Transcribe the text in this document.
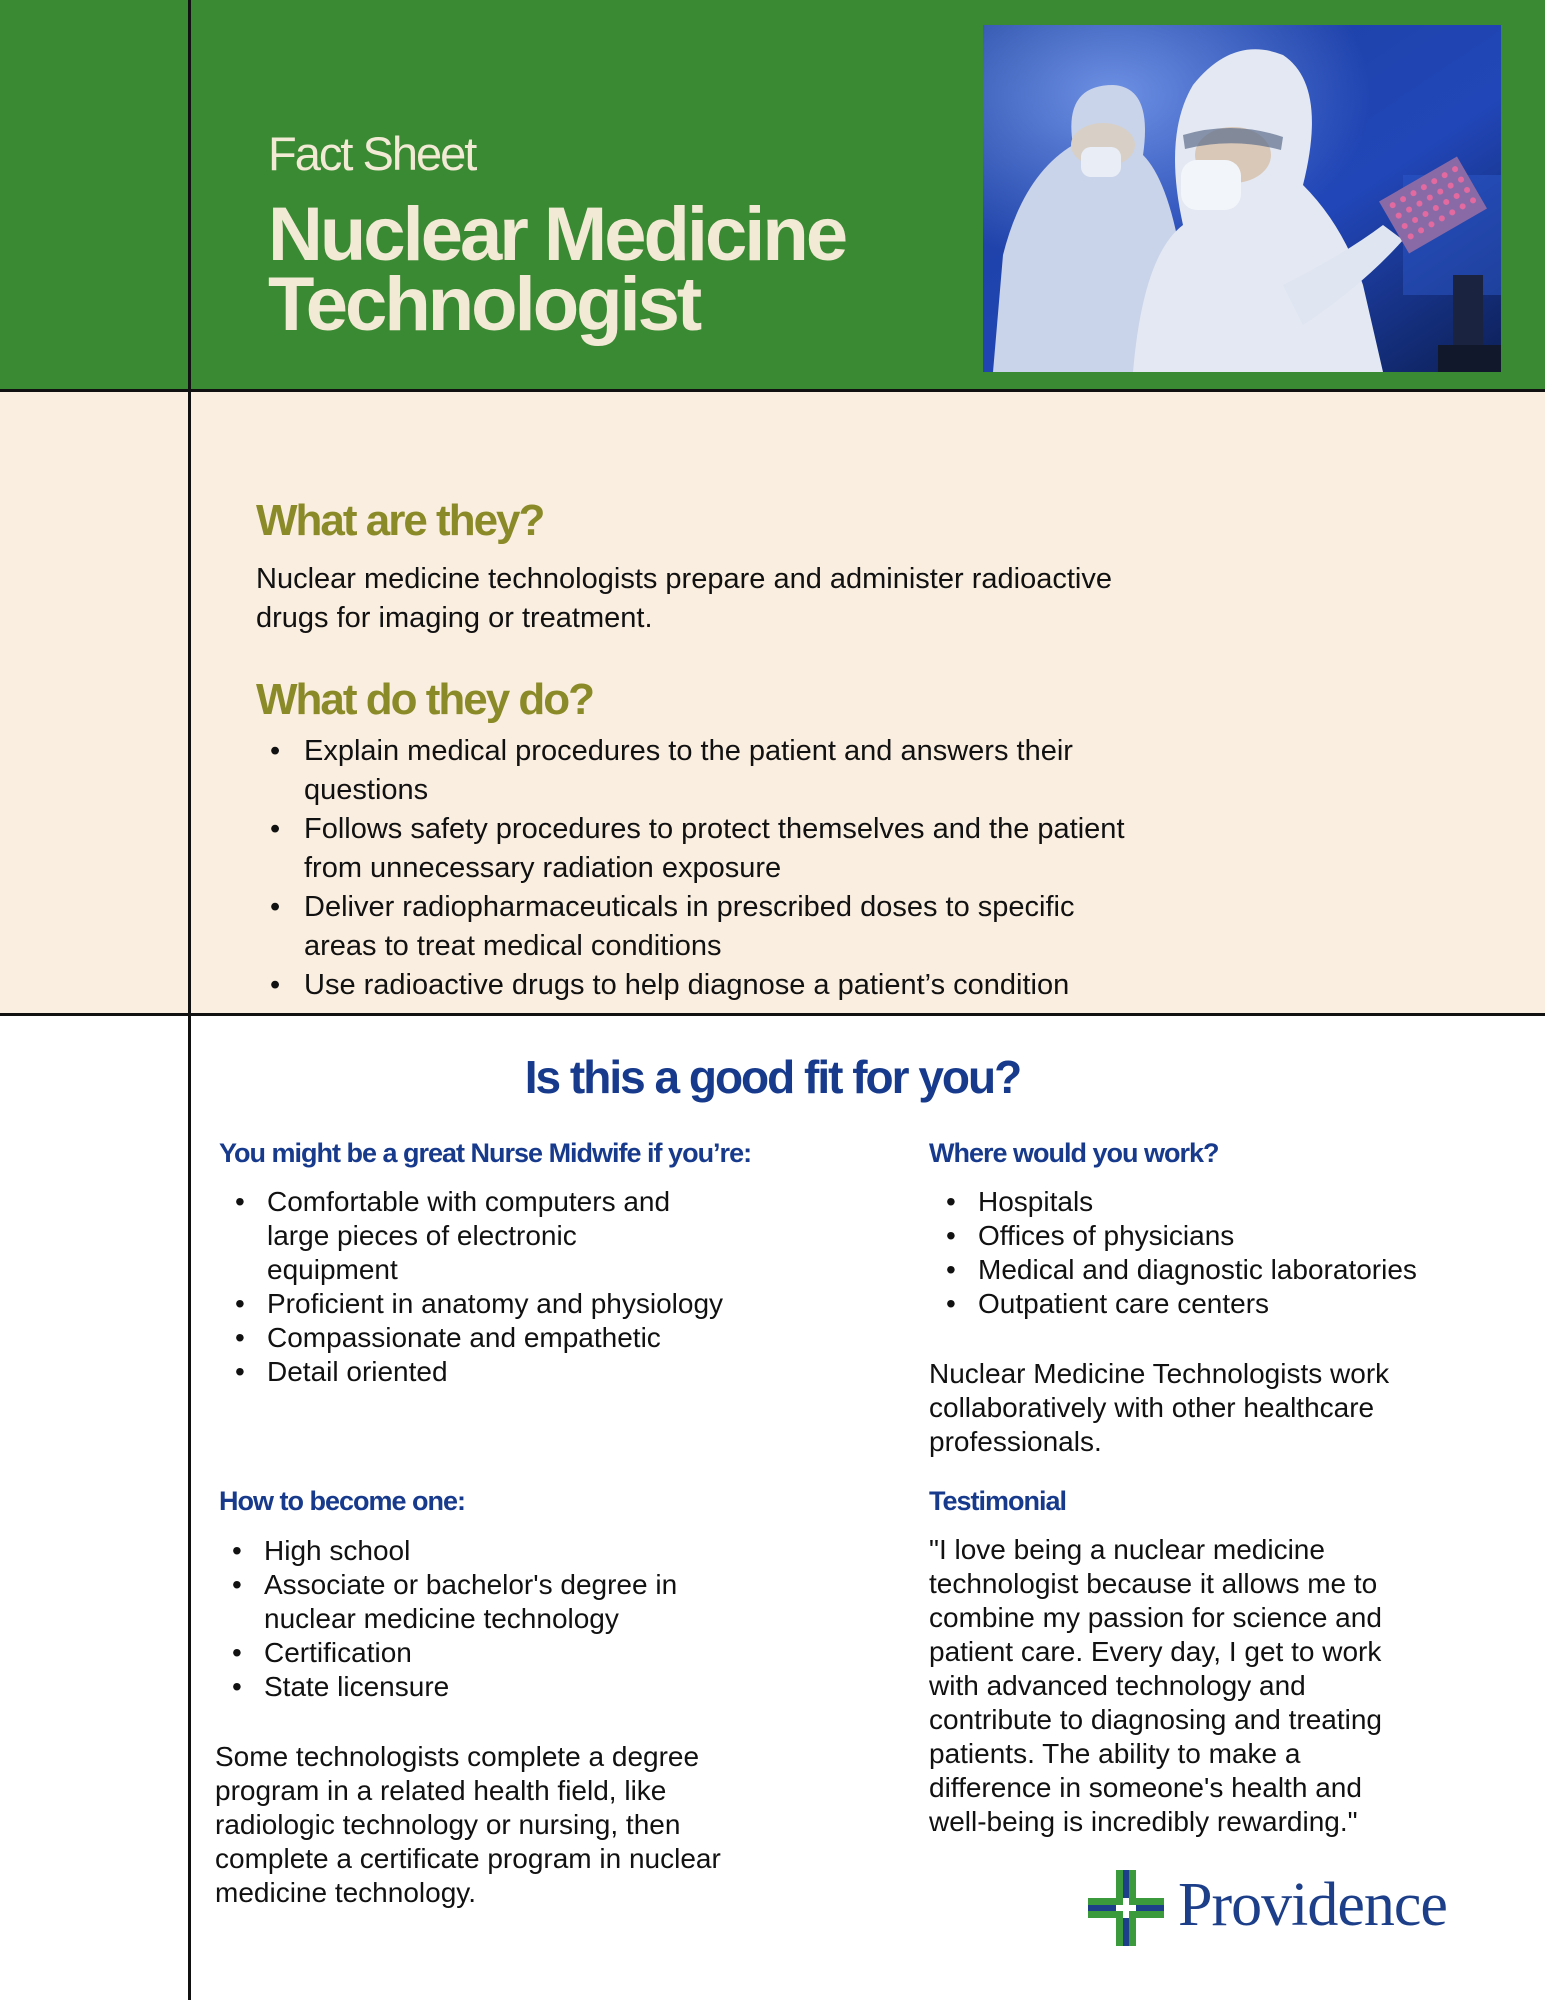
Fact Sheet
Nuclear Medicine
Technologist
What are they?
Nuclear medicine technologists prepare and administer radioactive
drugs for imaging or treatment.
What do they do?
• Explain medical procedures to the patient and answers their
questions
• Follows safety procedures to protect themselves and the patient
from unnecessary radiation exposure
• Deliver radiopharmaceuticals in prescribed doses to specific
areas to treat medical conditions
• Use radioactive drugs to help diagnose a patient’s condition
Is this a good fit for you?
You might be a great Nurse Midwife if you’re:
• Comfortable with computers and
large pieces of electronic
equipment
• Proficient in anatomy and physiology
• Compassionate and empathetic
• Detail oriented
Where would you work?
• Hospitals
• Offices of physicians
• Medical and diagnostic laboratories
• Outpatient care centers
Nuclear Medicine Technologists work
collaboratively with other healthcare
professionals.
How to become one:
• High school
• Associate or bachelor's degree in
nuclear medicine technology
• Certification
• State licensure
Some technologists complete a degree
program in a related health field, like
radiologic technology or nursing, then
complete a certificate program in nuclear
medicine technology.
Testimonial
"I love being a nuclear medicine
technologist because it allows me to
combine my passion for science and
patient care. Every day, I get to work
with advanced technology and
contribute to diagnosing and treating
patients. The ability to make a
difference in someone's health and
well-being is incredibly rewarding."
Providence
